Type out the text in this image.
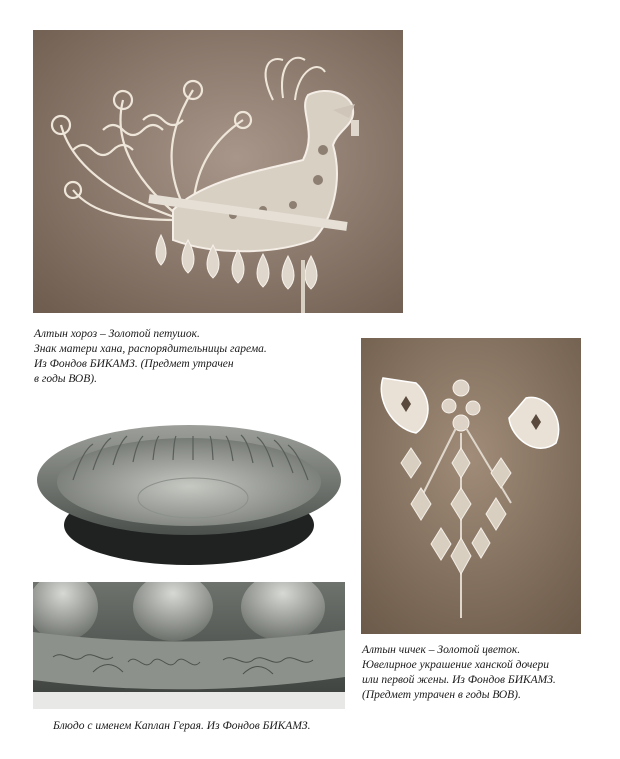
Алтын хороз – Золотой петушок.
Знак матери хана, распорядительницы гарема.
Из Фондов БИКАМЗ. (Предмет утрачен
в годы ВОВ).
Алтын чичек – Золотой цветок.
Ювелирное украшение ханской дочери
или первой жены. Из Фондов БИКАМЗ.
(Предмет утрачен в годы ВОВ).
Блюдо с именем Каплан Герая. Из Фондов БИКАМЗ.
